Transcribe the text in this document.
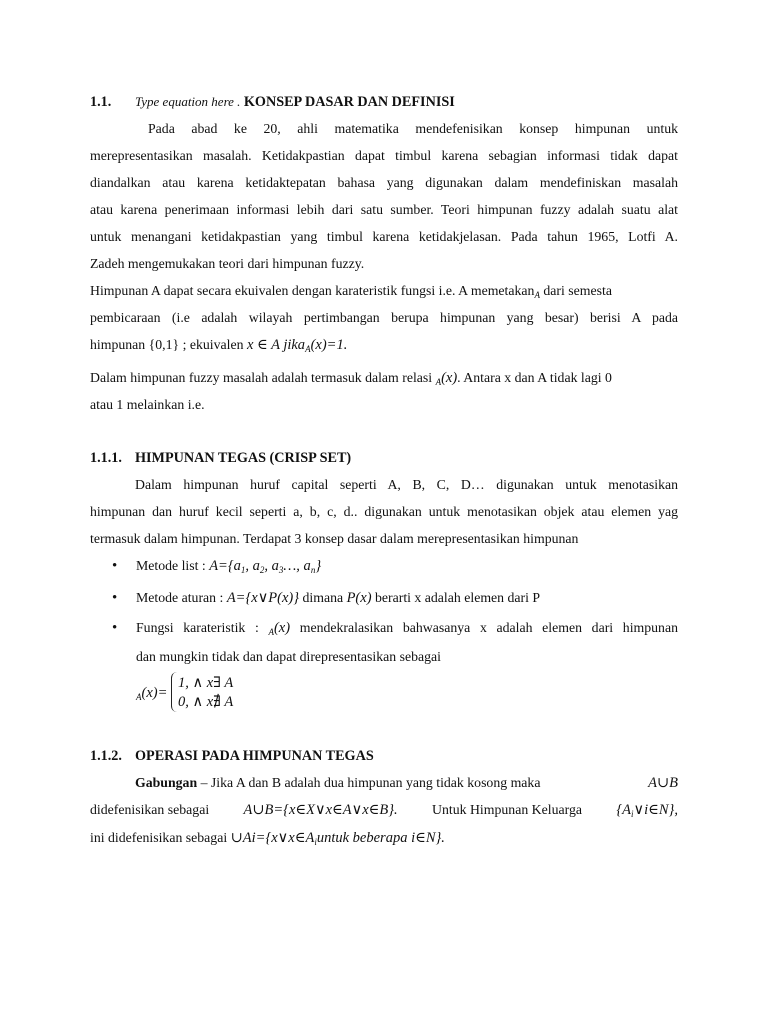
1.1. Type equation here . KONSEP DASAR DAN DEFINISI
Pada abad ke 20, ahli matematika mendefenisikan konsep himpunan untuk
merepresentasikan masalah. Ketidakpastian dapat timbul karena sebagian informasi tidak dapat
diandalkan atau karena ketidaktepatan bahasa yang digunakan dalam mendefiniskan masalah
atau karena penerimaan informasi lebih dari satu sumber. Teori himpunan fuzzy adalah suatu alat
untuk menangani ketidakpastian yang timbul karena ketidakjelasan. Pada tahun 1965, Lotfi A.
Zadeh mengemukakan teori dari himpunan fuzzy.
Himpunan A dapat secara ekuivalen dengan karateristik fungsi i.e. A memetakan$_A$ dari semesta
pembicaraan (i.e adalah wilayah pertimbangan berupa himpunan yang besar) berisi A pada
himpunan {0,1} ; ekuivalen x ∈ A jika$_A$(x)=1.
Dalam himpunan fuzzy masalah adalah termasuk dalam relasi $_A$(x). Antara x dan A tidak lagi 0
atau 1 melainkan i.e.
1.1.1. HIMPUNAN TEGAS (CRISP SET)
Dalam himpunan huruf capital seperti A, B, C, D… digunakan untuk menotasikan
himpunan dan huruf kecil seperti a, b, c, d.. digunakan untuk menotasikan objek atau elemen yag
termasuk dalam himpunan. Terdapat 3 konsep dasar dalam merepresentasikan himpunan
• Metode list : $A=\{a_1$, $a_2$, $a_3\dots$, $a_n$}
• Metode aturan : A={x∨P(x)} dimana P(x) berarti x adalah elemen dari P
• Fungsi karateristik : $_A$(x) mendekralasikan bahwasanya x adalah elemen dari himpunan
dan mungkin tidak dan dapat direpresentasikan sebagai
$_A$(x)=
1, ∧ x∃ A
0, ∧ x∄ A
1.1.2. OPERASI PADA HIMPUNAN TEGAS
Gabungan – Jika A dan B adalah dua himpunan yang tidak kosong maka	A∪B
didefenisikan sebagai A∪B={x∈X∨x∈A∨x∈B}. Untuk Himpunan Keluarga $\{A_i\vee i\in N\}$,
ini didefenisikan sebagai $\cup Ai=\{x\vee x\in A_iuntuk$ beberapa i∈N}.
